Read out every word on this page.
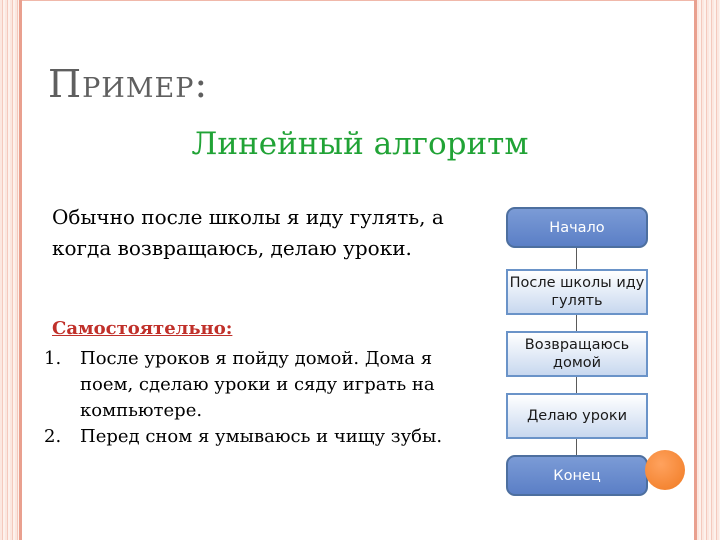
Пример:
Линейный алгоритм
Обычно после школы я иду гулять, а когда возвращаюсь, делаю уроки.
Самостоятельно:
1. После уроков я пойду домой. Дома я поем, сделаю уроки и сяду играть на компьютере.
2. Перед сном я умываюсь и чищу зубы.
Начало
После школы иду гулять
Возвращаюсь домой
Делаю уроки
Конец
